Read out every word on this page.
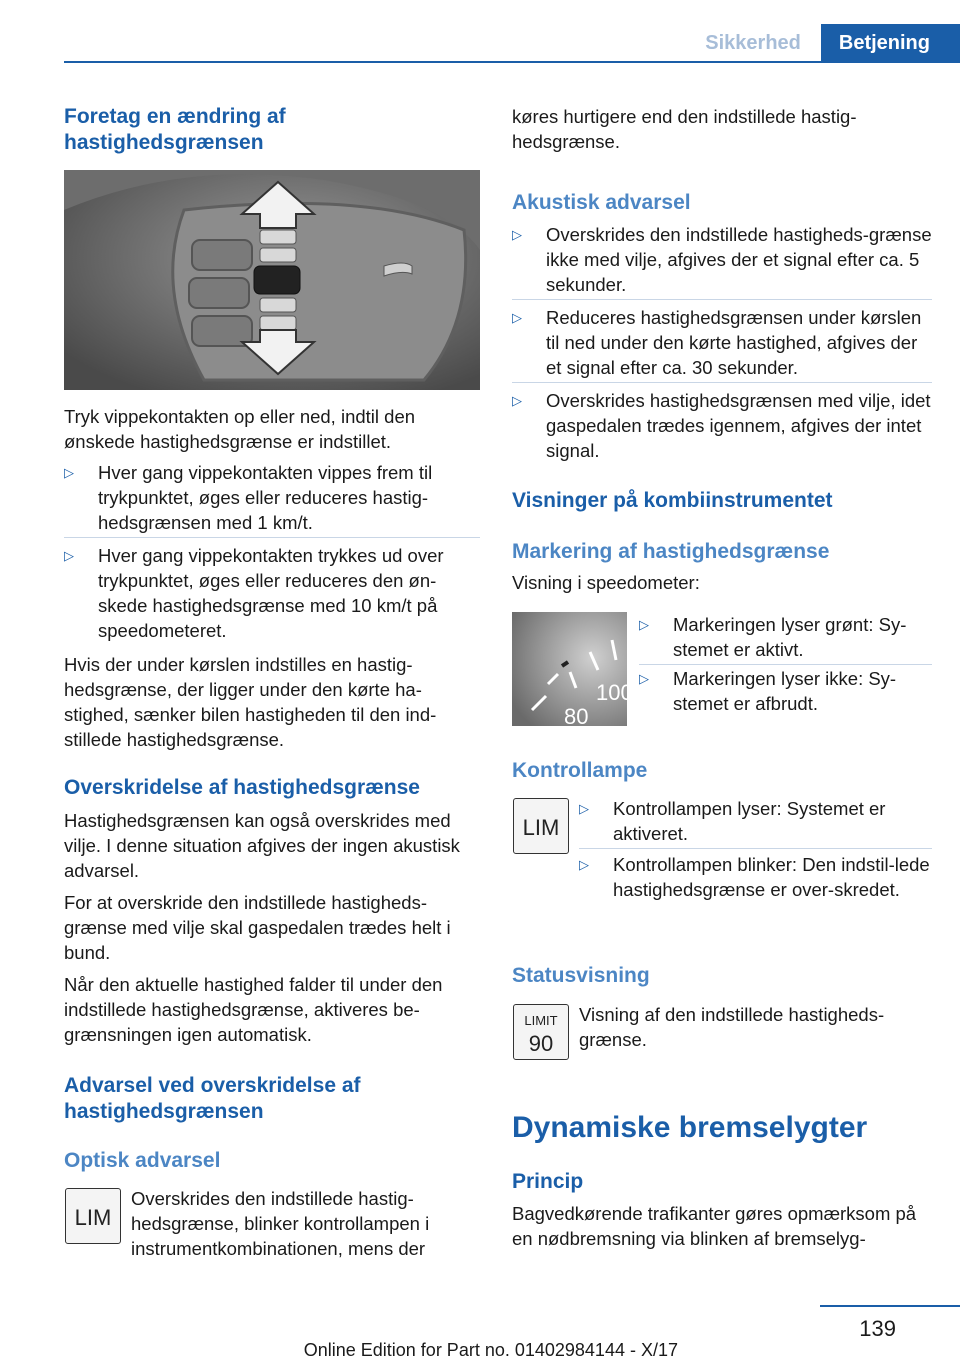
Sikkerhed	Betjening
Foretag en ændring af hastighedsgrænsen

Tryk vippekontakten op eller ned, indtil den ønskede hastighedsgrænse er indstillet.

▷	Hver gang vippekontakten vippes frem til trykpunktet, øges eller reduceres hastig-hedsgrænsen med 1 km/t.
▷	Hver gang vippekontakten trykkes ud over trykpunktet, øges eller reduceres den øn-skede hastighedsgrænse med 10 km/t på speedometeret.

Hvis der under kørslen indstilles en hastig-hedsgrænse, der ligger under den kørte ha-stighed, sænker bilen hastigheden til den ind-stillede hastighedsgrænse.

Overskridelse af hastighedsgrænse

Hastighedsgrænsen kan også overskrides med vilje. I denne situation afgives der ingen akustisk advarsel.

For at overskride den indstillede hastigheds-grænse med vilje skal gaspedalen trædes helt i bund.

Når den aktuelle hastighed falder til under den indstillede hastighedsgrænse, aktiveres be-grænsningen igen automatisk.

Advarsel ved overskridelse af hastighedsgrænsen
Optisk advarsel
LIM

Overskrides den indstillede hastig-hedsgrænse, blinker kontrollampen i instrumentkombinationen, mens der

køres hurtigere end den indstillede hastig-hedsgrænse.

Akustisk advarsel
▷	Overskrides den indstillede hastigheds-grænse ikke med vilje, afgives der et signal efter ca. 5 sekunder.
▷	Reduceres hastighedsgrænsen under kørslen til ned under den kørte hastighed, afgives der et signal efter ca. 30 sekunder.
▷	Overskrides hastighedsgrænsen med vilje, idet gaspedalen trædes igennem, afgives der intet signal.
Visninger på kombiinstrumentet
Markering af hastighedsgrænse

Visning i speedometer:

100
80
▷	Markeringen lyser grønt: Sy-stemet er aktivt.
▷	Markeringen lyser ikke: Sy-stemet er afbrudt.
Kontrollampe
LIM
▷	Kontrollampen lyser: Systemet er aktiveret.
▷	Kontrollampen blinker: Den indstil-lede hastighedsgrænse er over-skredet.
Statusvisning
LIMIT
90

Visning af den indstillede hastigheds-grænse.

Dynamiske bremselygter
Princip

Bagvedkørende trafikanter gøres opmærksom på en nødbremsning via blinken af bremselyg-

139
Online Edition for Part no. 01402984144 - X/17
